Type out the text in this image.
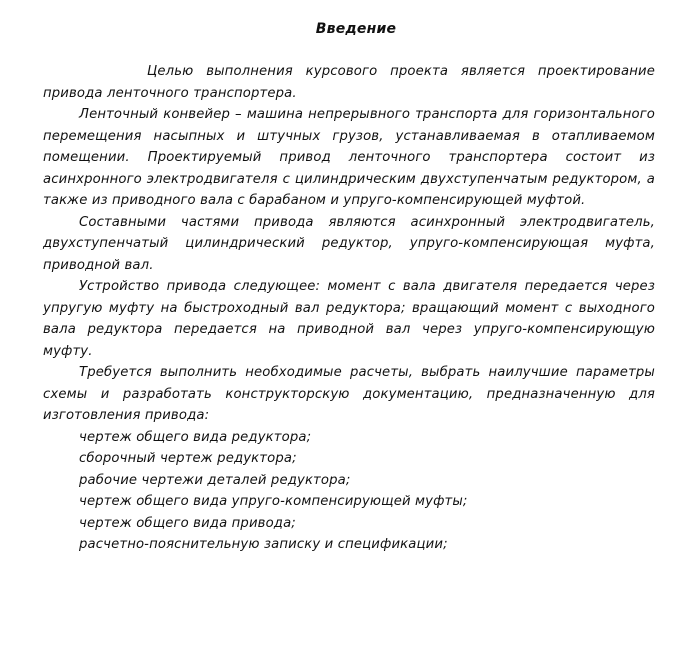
Введение

Целью выполнения курсового проекта является проектирование привода ленточного транспортера.

Ленточный конвейер – машина непрерывного транспорта для горизонтального перемещения насыпных и штучных грузов, устанавливаемая в отапливаемом помещении. Проектируемый привод ленточного транспортера состоит из асинхронного электродвигателя с цилиндрическим двухступенчатым редуктором, а также из приводного вала с барабаном и упруго-компенсирующей муфтой.

Составными частями привода являются асинхронный электродвигатель, двухступенчатый цилиндрический редуктор, упруго-компенсирующая муфта, приводной вал.

Устройство привода следующее: момент с вала двигателя передается через упругую муфту на быстроходный вал редуктора; вращающий момент с выходного вала редуктора передается на приводной вал через упруго-компенсирующую муфту.

Требуется выполнить необходимые расчеты, выбрать наилучшие параметры схемы и разработать конструкторскую документацию, предназначенную для изготовления привода:

чертеж общего вида редуктора;
сборочный чертеж редуктора;
рабочие чертежи деталей редуктора;
чертеж общего вида упруго-компенсирующей муфты;
чертеж общего вида привода;
расчетно-пояснительную записку и спецификации;
